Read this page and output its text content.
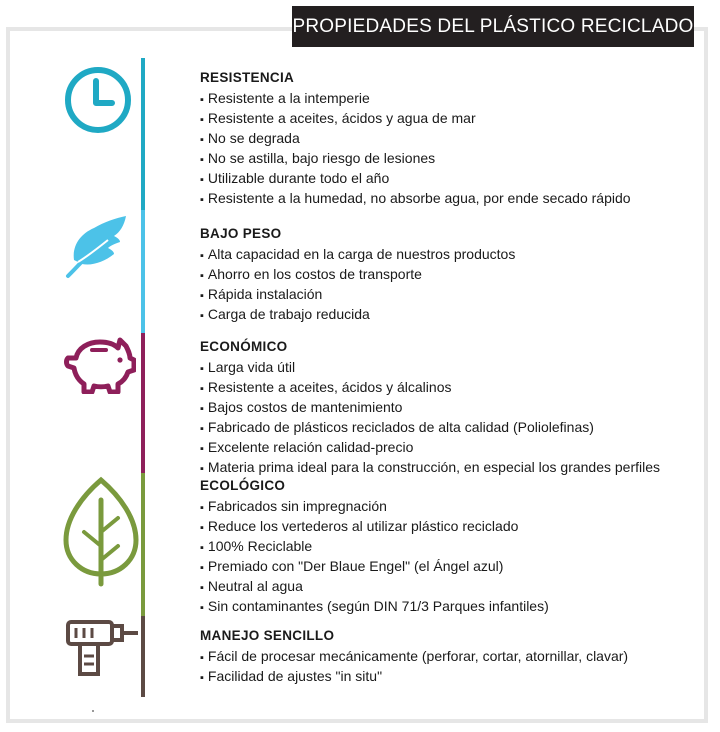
PROPIEDADES DEL PLÁSTICO RECICLADO
RESISTENCIA
▪ Resistente a la intemperie
▪ Resistente a aceites, ácidos y agua de mar
▪ No se degrada
▪ No se astilla, bajo riesgo de lesiones
▪ Utilizable durante todo el año
▪ Resistente a la humedad, no absorbe agua, por ende secado rápido
BAJO PESO
▪ Alta capacidad en la carga de nuestros productos
▪ Ahorro en los costos de transporte
▪ Rápida instalación
▪ Carga de trabajo reducida
ECONÓMICO
▪ Larga vida útil
▪ Resistente a aceites, ácidos y álcalinos
▪ Bajos costos de mantenimiento
▪ Fabricado de plásticos reciclados de alta calidad (Poliolefinas)
▪ Excelente relación calidad-precio
▪ Materia prima ideal para la construcción, en especial los grandes perfiles
ECOLÓGICO
▪ Fabricados sin impregnación
▪ Reduce los vertederos al utilizar plástico reciclado
▪ 100% Reciclable
▪ Premiado con "Der Blaue Engel" (el Ángel azul)
▪ Neutral al agua
▪ Sin contaminantes (según DIN 71/3 Parques infantiles)
MANEJO SENCILLO
▪ Fácil de procesar mecánicamente (perforar, cortar, atornillar, clavar)
▪ Facilidad de ajustes "in situ"
